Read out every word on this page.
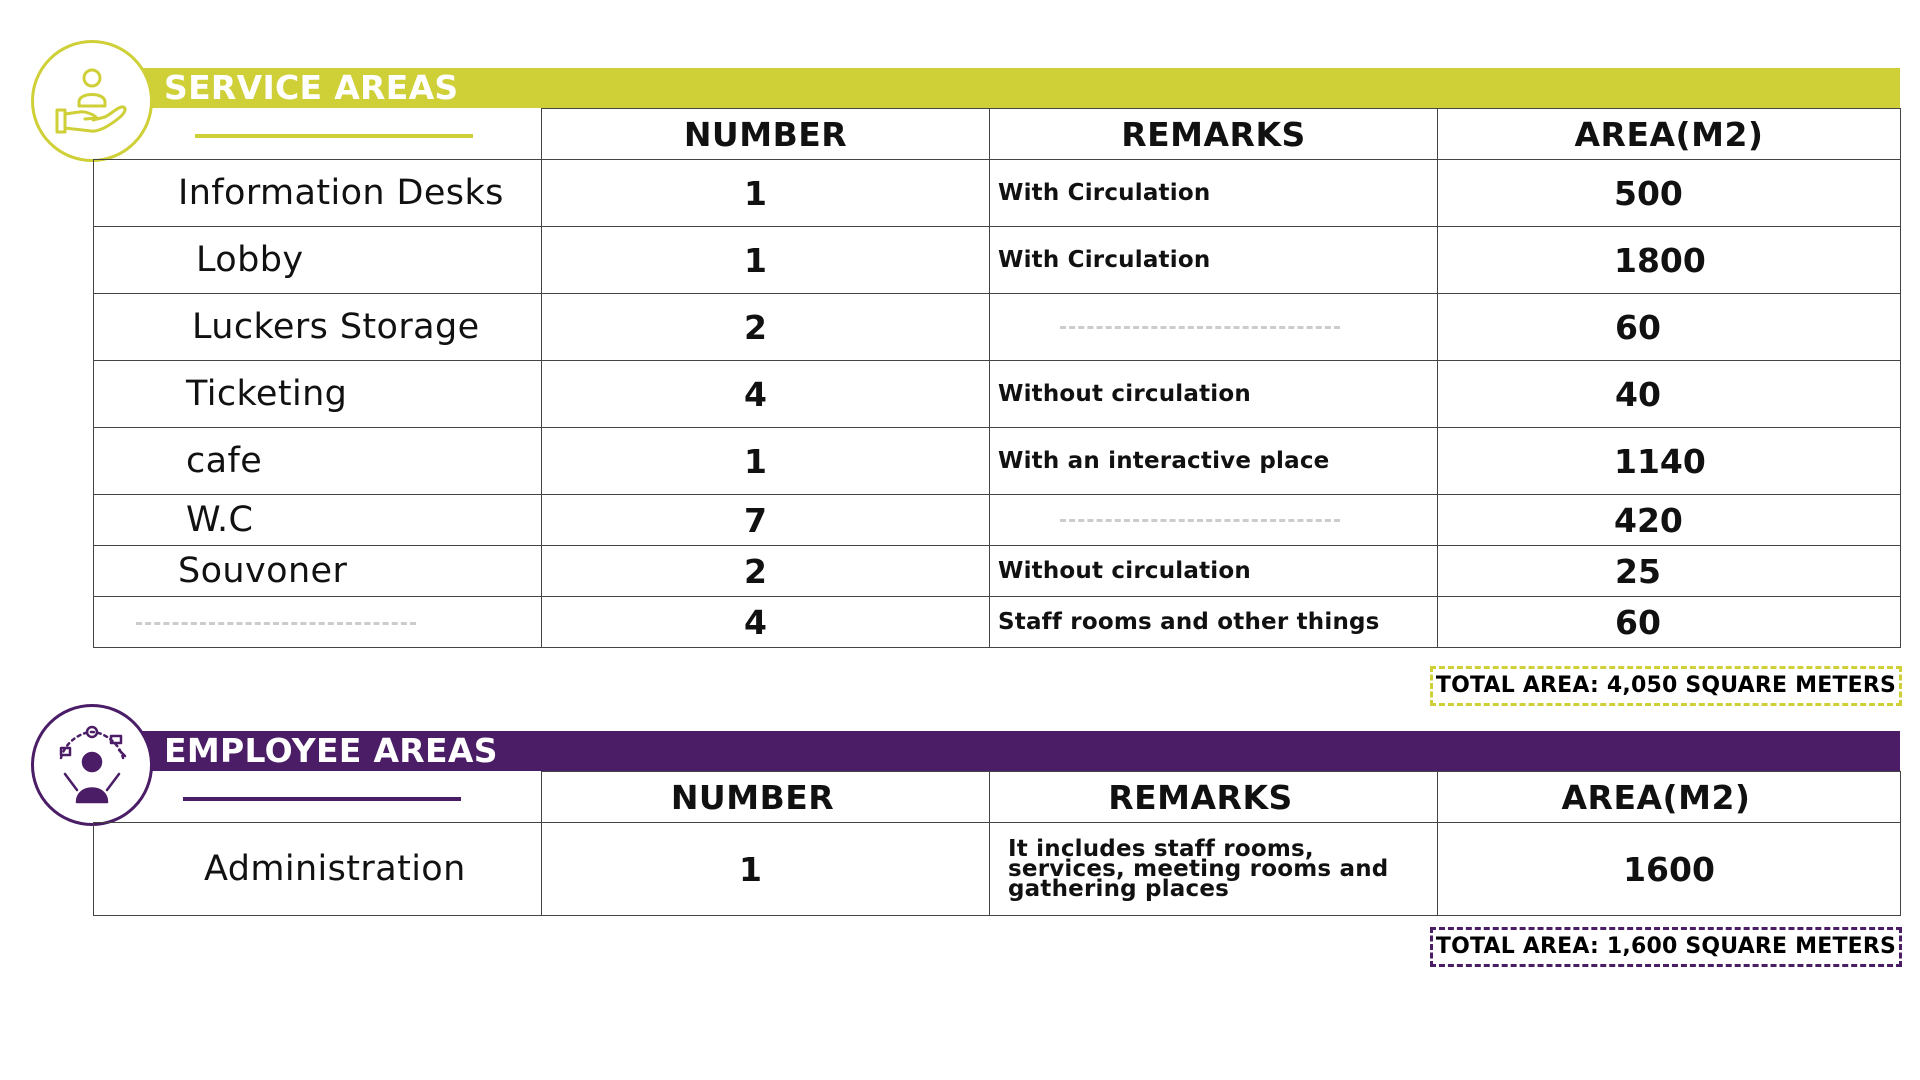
SERVICE AREAS
	NUMBER	REMARKS	AREA(M2)
Information Desks	1	With Circulation	500
Lobby	1	With Circulation	1800
Luckers Storage	2		60
Ticketing	4	Without circulation	40
cafe	1	With an interactive place	1140
W.C	7		420
Souvoner	2	Without circulation	25
	4	Staff rooms and other things	60
TOTAL AREA: 4,050 SQUARE METERS
EMPLOYEE AREAS
	NUMBER	REMARKS	AREA(M2)
Administration	1	It includes staff rooms, services, meeting rooms and gathering places	1600
TOTAL AREA: 1,600 SQUARE METERS
